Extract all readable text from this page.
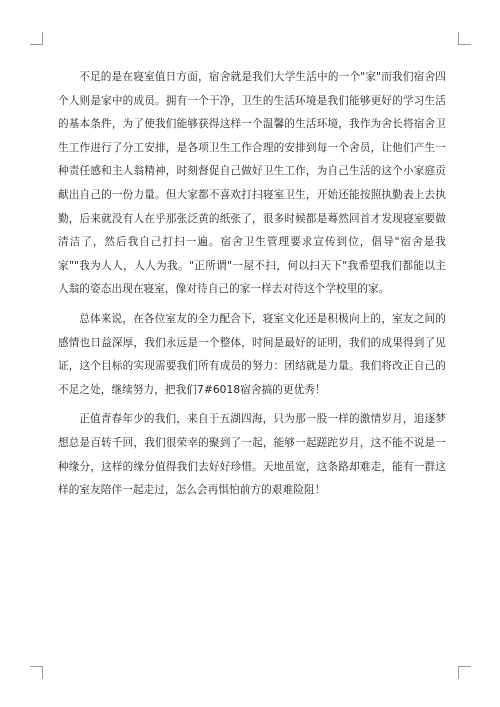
不足的是在寝室值日方面，宿舍就是我们大学生活中的一个"家"而我们宿舍四个人则是家中的成员。拥有一个干净，卫生的生活环境是我们能够更好的学习生活的基本条件，为了使我们能够获得这样一个温馨的生活环境，我作为舍长将宿舍卫生工作进行了分工安排，是各项卫生工作合理的安排到每一个舍员，让他们产生一种责任感和主人翁精神，时刻督促自己做好卫生工作，为自己生活的这个小家庭贡献出自己的一份力量。但大家都不喜欢打扫寝室卫生，开始还能按照执勤表上去执勤，后来就没有人在乎那张泛黄的纸张了，很多时候都是蓦然回首才发现寝室要做清洁了，然后我自己打扫一遍。宿舍卫生管理要求宣传到位，倡导"宿舍是我家""我为人人，人人为我。"正所谓"一屋不扫，何以扫天下"我希望我们都能以主人翁的姿态出现在寝室，像对待自己的家一样去对待这个学校里的家。

总体来说，在各位室友的全力配合下，寝室文化还是积极向上的，室友之间的感情也日益深厚，我们永远是一个整体，时间是最好的证明，我们的成果得到了见证，这个目标的实现需要我们所有成员的努力：团结就是力量。我们将改正自己的不足之处，继续努力，把我们7#6018宿舍搞的更优秀！

正值青春年少的我们，来自于五湖四海，只为那一股一样的激情岁月，追逐梦想总是百转千回，我们很荣幸的聚到了一起，能够一起蹉跎岁月，这不能不说是一种缘分，这样的缘分值得我们去好好珍惜。天地虽宽，这条路却难走，能有一群这样的室友陪伴一起走过，怎么会再惧怕前方的艰难险阻！
